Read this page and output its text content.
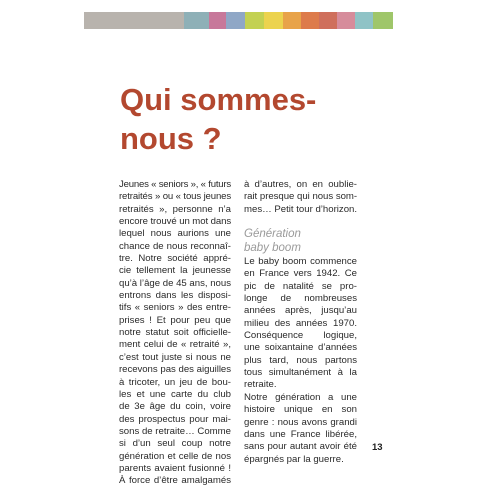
Qui sommes-
nous ?

Jeunes « seniors », « futurs
retraités » ou « tous jeunes
retraités », personne n’a
encore trouvé un mot dans
lequel nous aurions une
chance de nous reconnaî-
tre. Notre société appré-
cie tellement la jeunesse
qu’à l’âge de 45 ans, nous
entrons dans les disposi-
tifs « seniors » des entre-
prises ! Et pour peu que
notre statut soit officielle-
ment celui de « retraité »,
c’est tout juste si nous ne
recevons pas des aiguilles
à tricoter, un jeu de bou-
les et une carte du club
de 3e âge du coin, voire
des prospectus pour mai-
sons de retraite… Comme
si d’un seul coup notre
génération et celle de nos
parents avaient fusionné !
À force d’être amalgamés

à d’autres, on en oublie-
rait presque qui nous som-
mes… Petit tour d’horizon.

Génération
baby boom

Le baby boom commence
en France vers 1942. Ce
pic de natalité se pro-
longe de nombreuses
années après, jusqu’au
milieu des années 1970.
Conséquence logique,
une soixantaine d’années
plus tard, nous partons
tous simultanément à la
retraite.

Notre génération a une
histoire unique en son
genre : nous avons grandi
dans une France libérée,
sans pour autant avoir été
épargnés par la guerre.

13
